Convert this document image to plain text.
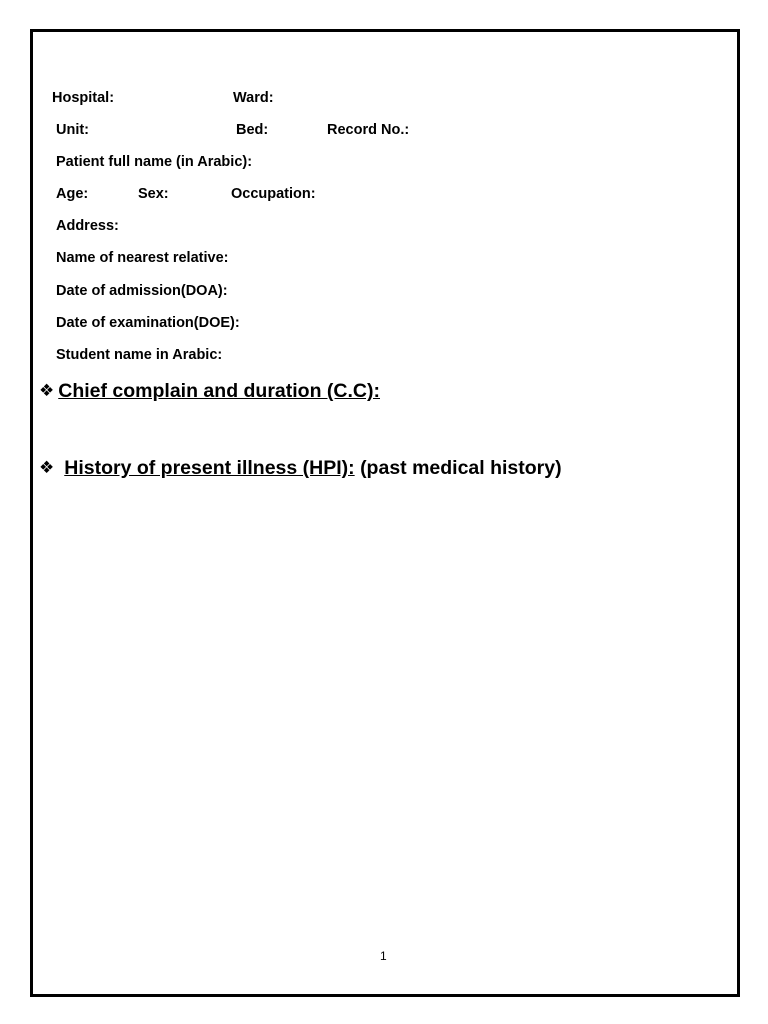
Hospital:	Ward:
Unit:	Bed:	Record No.:
Patient full name (in Arabic):
Age:	Sex:	Occupation:
Address:
Name of nearest relative:
Date of admission(DOA):
Date of examination(DOE):
Student name in Arabic:
❖ Chief complain and duration (C.C):
❖ History of present illness (HPI): (past medical history)
1
